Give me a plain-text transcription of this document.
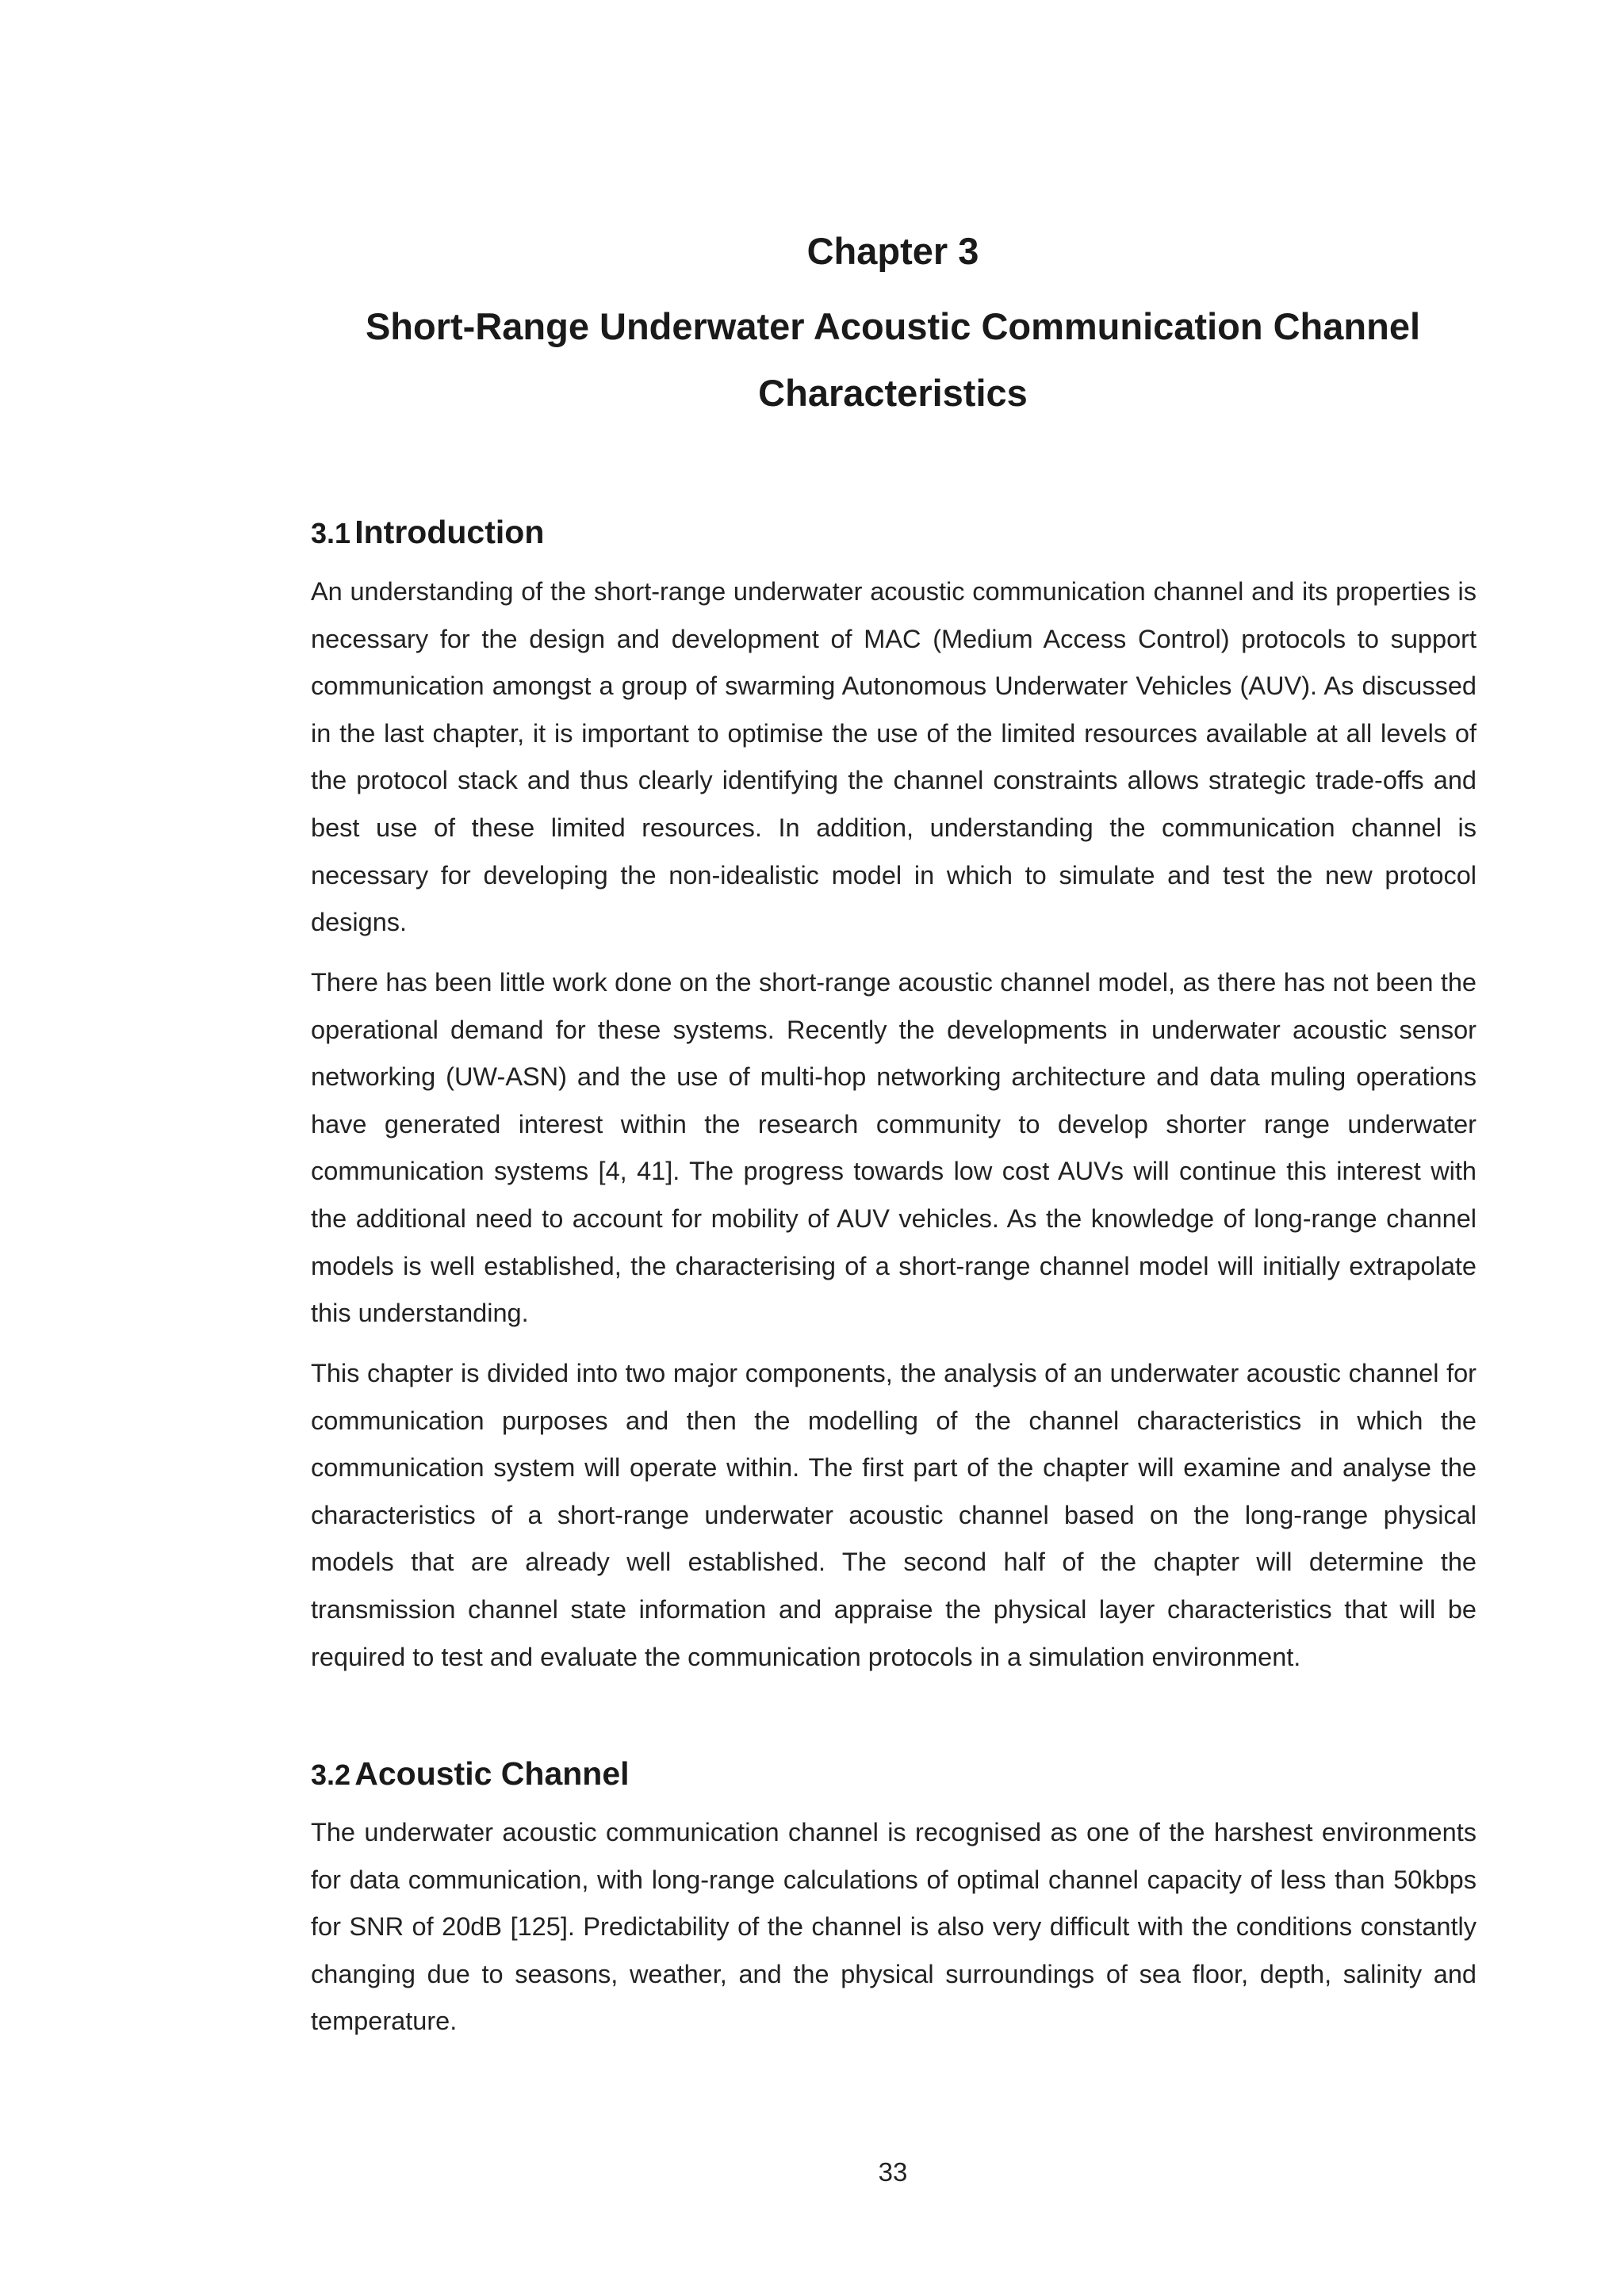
Chapter 3
Short-Range Underwater Acoustic Communication Channel
Characteristics
3.1 Introduction

An understanding of the short-range underwater acoustic communication channel and its properties is necessary for the design and development of MAC (Medium Access Control) protocols to support communication amongst a group of swarming Autonomous Underwater Vehicles (AUV). As discussed in the last chapter, it is important to optimise the use of the limited resources available at all levels of the protocol stack and thus clearly identifying the channel constraints allows strategic trade-offs and best use of these limited resources. In addition, understanding the communication channel is necessary for developing the non-idealistic model in which to simulate and test the new protocol designs.

There has been little work done on the short-range acoustic channel model, as there has not been the operational demand for these systems. Recently the developments in underwater acoustic sensor networking (UW-ASN) and the use of multi-hop networking architecture and data muling operations have generated interest within the research community to develop shorter range underwater communication systems [4, 41]. The progress towards low cost AUVs will continue this interest with the additional need to account for mobility of AUV vehicles. As the knowledge of long-range channel models is well established, the characterising of a short-range channel model will initially extrapolate this understanding.

This chapter is divided into two major components, the analysis of an underwater acoustic channel for communication purposes and then the modelling of the channel characteristics in which the communication system will operate within. The first part of the chapter will examine and analyse the characteristics of a short-range underwater acoustic channel based on the long-range physical models that are already well established. The second half of the chapter will determine the transmission channel state information and appraise the physical layer characteristics that will be required to test and evaluate the communication protocols in a simulation environment.

3.2 Acoustic Channel

The underwater acoustic communication channel is recognised as one of the harshest environments for data communication, with long-range calculations of optimal channel capacity of less than 50kbps for SNR of 20dB [125]. Predictability of the channel is also very difficult with the conditions constantly changing due to seasons, weather, and the physical surroundings of sea floor, depth, salinity and temperature.

33
